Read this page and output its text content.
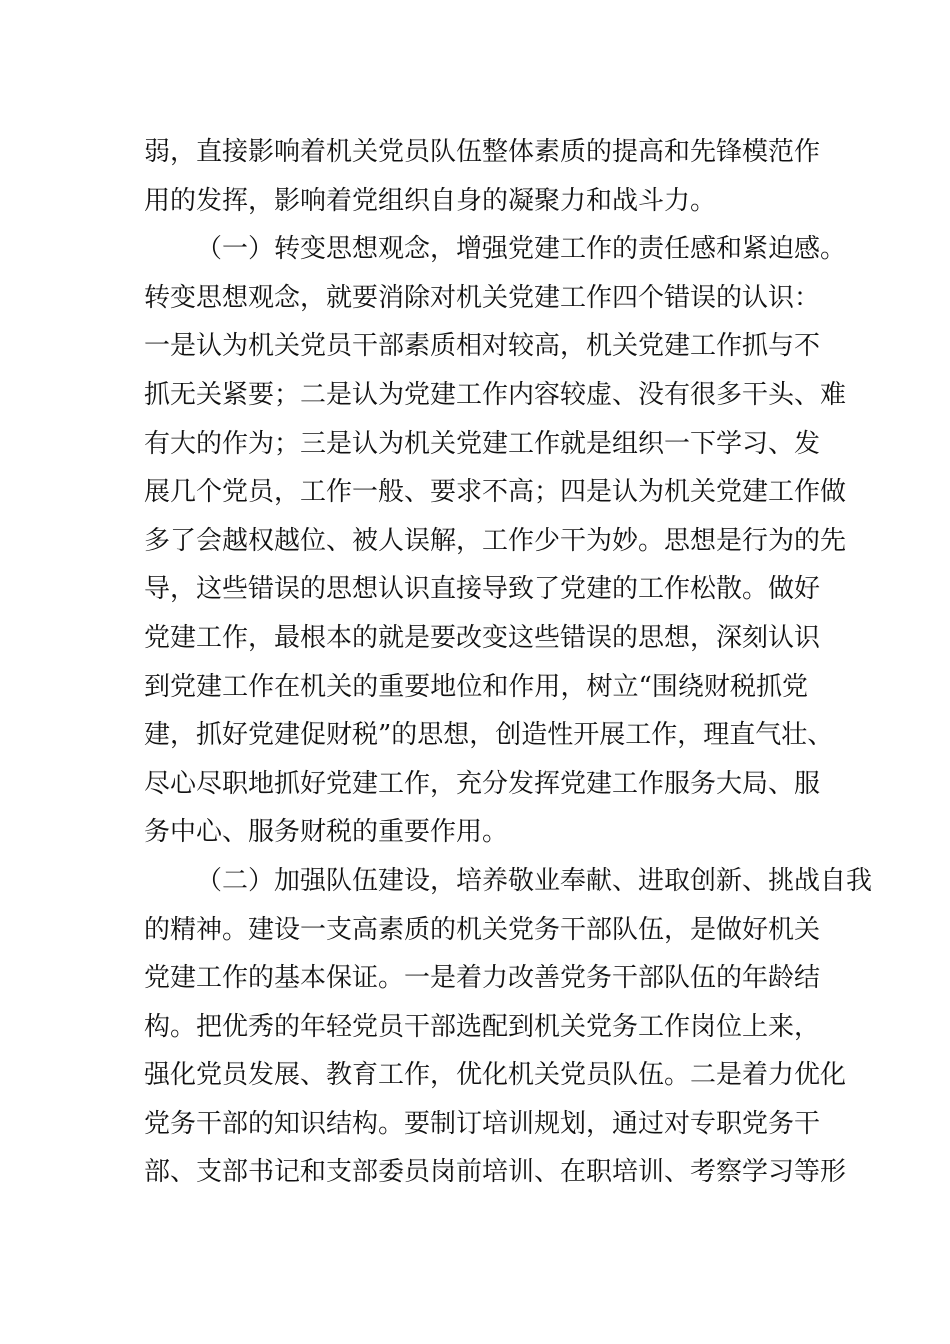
弱，直接影响着机关党员队伍整体素质的提高和先锋模范作
用的发挥，影响着党组织自身的凝聚力和战斗力。
（一）转变思想观念，增强党建工作的责任感和紧迫感。
转变思想观念，就要消除对机关党建工作四个错误的认识：
一是认为机关党员干部素质相对较高，机关党建工作抓与不
抓无关紧要；二是认为党建工作内容较虚、没有很多干头、难
有大的作为；三是认为机关党建工作就是组织一下学习、发
展几个党员，工作一般、要求不高；四是认为机关党建工作做
多了会越权越位、被人误解，工作少干为妙。思想是行为的先
导，这些错误的思想认识直接导致了党建的工作松散。做好
党建工作，最根本的就是要改变这些错误的思想，深刻认识
到党建工作在机关的重要地位和作用，树立“围绕财税抓党
建，抓好党建促财税”的思想，创造性开展工作，理直气壮、
尽心尽职地抓好党建工作，充分发挥党建工作服务大局、服
务中心、服务财税的重要作用。
（二）加强队伍建设，培养敬业奉献、进取创新、挑战自我
的精神。建设一支高素质的机关党务干部队伍，是做好机关
党建工作的基本保证。一是着力改善党务干部队伍的年龄结
构。把优秀的年轻党员干部选配到机关党务工作岗位上来，
强化党员发展、教育工作，优化机关党员队伍。二是着力优化
党务干部的知识结构。要制订培训规划，通过对专职党务干
部、支部书记和支部委员岗前培训、在职培训、考察学习等形
